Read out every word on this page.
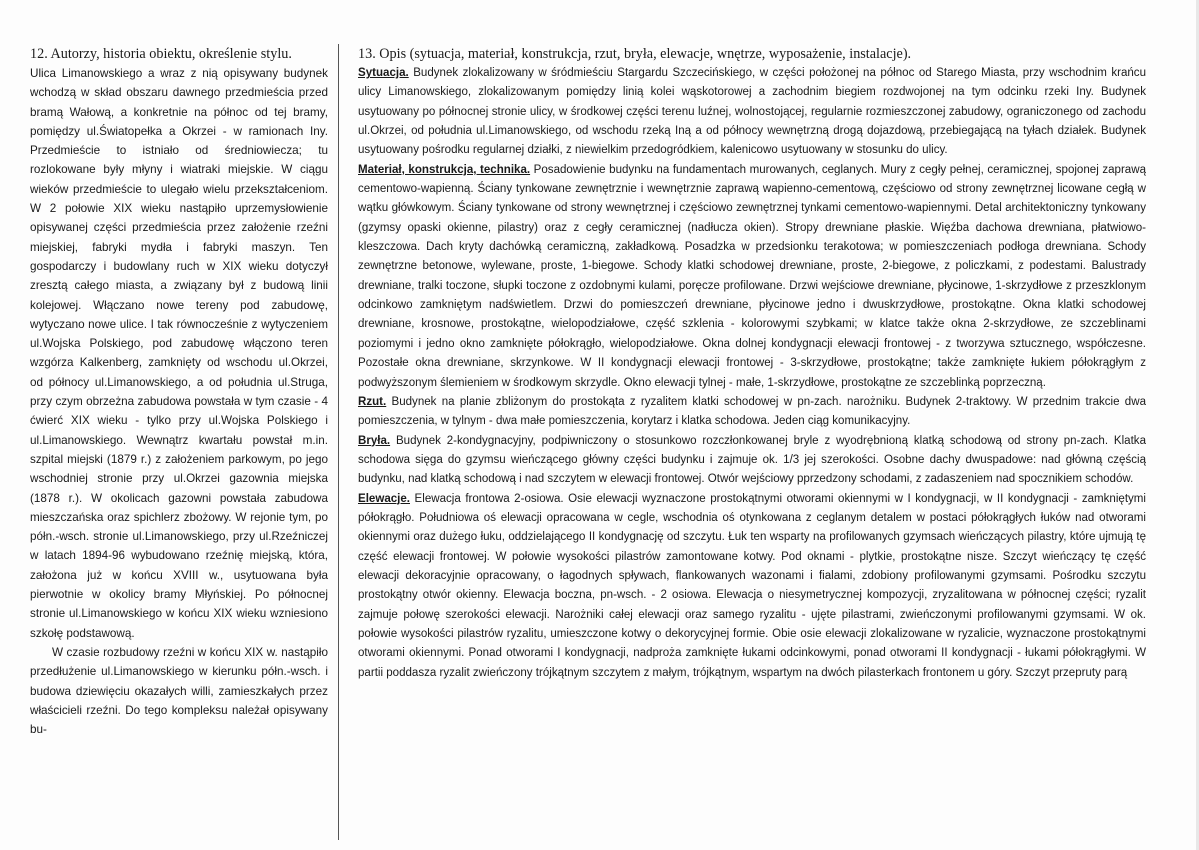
12. Autorzy, historia obiektu, określenie stylu.

Ulica Limanowskiego a wraz z nią opisywany budynek wchodzą w skład obszaru dawnego przedmieścia przed bramą Wałową, a konkretnie na północ od tej bramy, pomiędzy ul.Światopełka a Okrzei - w ramionach Iny. Przedmieście to istniało od średniowiecza; tu rozlokowane były młyny i wiatraki miejskie. W ciągu wieków przedmieście to ulegało wielu przekształceniom. W 2 połowie XIX wieku nastąpiło uprzemysłowienie opisywanej części przedmieścia przez założenie rzeźni miejskiej, fabryki mydła i fabryki maszyn. Ten gospodarczy i budowlany ruch w XIX wieku dotyczył zresztą całego miasta, a związany był z budową linii kolejowej. Włączano nowe tereny pod zabudowę, wytyczano nowe ulice. I tak równocześnie z wytyczeniem ul.Wojska Polskiego, pod zabudowę włączono teren wzgórza Kalkenberg, zamknięty od wschodu ul.Okrzei, od północy ul.Limanowskiego, a od południa ul.Struga, przy czym obrzeżna zabudowa powstała w tym czasie - 4 ćwierć XIX wieku - tylko przy ul.Wojska Polskiego i ul.Limanowskiego. Wewnątrz kwartału powstał m.in. szpital miejski (1879 r.) z założeniem parkowym, po jego wschodniej stronie przy ul.Okrzei gazownia miejska (1878 r.). W okolicach gazowni powstała zabudowa mieszczańska oraz spichlerz zbożowy. W rejonie tym, po półn.-wsch. stronie ul.Limanowskiego, przy ul.Rzeźniczej w latach 1894-96 wybudowano rzeźnię miejską, która, założona już w końcu XVIII w., usytuowana była pierwotnie w okolicy bramy Młyńskiej. Po północnej stronie ul.Limanowskiego w końcu XIX wieku wzniesiono szkołę podstawową.

W czasie rozbudowy rzeźni w końcu XIX w. nastąpiło przedłużenie ul.Limanowskiego w kierunku półn.-wsch. i budowa dziewięciu okazałych willi, zamieszkałych przez właścicieli rzeźni. Do tego kompleksu należał opisywany bu-

13. Opis (sytuacja, materiał, konstrukcja, rzut, bryła, elewacje, wnętrze, wyposażenie, instalacje).

Sytuacja. Budynek zlokalizowany w śródmieściu Stargardu Szczecińskiego, w części położonej na północ od Starego Miasta, przy wschodnim krańcu ulicy Limanowskiego, zlokalizowanym pomiędzy linią kolei wąskotorowej a zachodnim biegiem rozdwojonej na tym odcinku rzeki Iny. Budynek usytuowany po północnej stronie ulicy, w środkowej części terenu luźnej, wolnostojącej, regularnie rozmieszczonej zabudowy, ograniczonego od zachodu ul.Okrzei, od południa ul.Limanowskiego, od wschodu rzeką Iną a od północy wewnętrzną drogą dojazdową, przebiegającą na tyłach działek. Budynek usytuowany pośrodku regularnej działki, z niewielkim przedogródkiem, kalenicowo usytuowany w stosunku do ulicy.

Materiał, konstrukcja, technika. Posadowienie budynku na fundamentach murowanych, ceglanych. Mury z cegły pełnej, ceramicznej, spojonej zaprawą cementowo-wapienną. Ściany tynkowane zewnętrznie i wewnętrznie zaprawą wapienno-cementową, częściowo od strony zewnętrznej licowane cegłą w wątku główkowym. Ściany tynkowane od strony wewnętrznej i częściowo zewnętrznej tynkami cementowo-wapiennymi. Detal architektoniczny tynkowany (gzymsy opaski okienne, pilastry) oraz z cegły ceramicznej (nadłucza okien). Stropy drewniane płaskie. Więźba dachowa drewniana, płatwiowo-kleszczowa. Dach kryty dachówką ceramiczną, zakładkową. Posadzka w przedsionku terakotowa; w pomieszczeniach podłoga drewniana. Schody zewnętrzne betonowe, wylewane, proste, 1-biegowe. Schody klatki schodowej drewniane, proste, 2-biegowe, z policzkami, z podestami. Balustrady drewniane, tralki toczone, słupki toczone z ozdobnymi kulami, poręcze profilowane. Drzwi wejściowe drewniane, płycinowe, 1-skrzydłowe z przeszklonym odcinkowo zamkniętym nadświetlem. Drzwi do pomieszczeń drewniane, płycinowe jedno i dwuskrzydłowe, prostokątne. Okna klatki schodowej drewniane, krosnowe, prostokątne, wielopodziałowe, część szklenia - kolorowymi szybkami; w klatce także okna 2-skrzydłowe, ze szczeblinami poziomymi i jedno okno zamknięte półokrągło, wielopodziałowe. Okna dolnej kondygnacji elewacji frontowej - z tworzywa sztucznego, współczesne. Pozostałe okna drewniane, skrzynkowe. W II kondygnacji elewacji frontowej - 3-skrzydłowe, prostokątne; także zamknięte łukiem półokrągłym z podwyższonym ślemieniem w środkowym skrzydle. Okno elewacji tylnej - małe, 1-skrzydłowe, prostokątne ze szczeblinką poprzeczną.

Rzut. Budynek na planie zbliżonym do prostokąta z ryzalitem klatki schodowej w pn-zach. narożniku. Budynek 2-traktowy. W przednim trakcie dwa pomieszczenia, w tylnym - dwa małe pomieszczenia, korytarz i klatka schodowa. Jeden ciąg komunikacyjny.

Bryła. Budynek 2-kondygnacyjny, podpiwniczony o stosunkowo rozczłonkowanej bryle z wyodrębnioną klatką schodową od strony pn-zach. Klatka schodowa sięga do gzymsu wieńczącego główny części budynku i zajmuje ok. 1/3 jej szerokości. Osobne dachy dwuspadowe: nad główną częścią budynku, nad klatką schodową i nad szczytem w elewacji frontowej. Otwór wejściowy pprzedzony schodami, z zadaszeniem nad spocznikiem schodów.

Elewacje. Elewacja frontowa 2-osiowa. Osie elewacji wyznaczone prostokątnymi otworami okiennymi w I kondygnacji, w II kondygnacji - zamkniętymi półokrągło. Południowa oś elewacji opracowana w cegle, wschodnia oś otynkowana z ceglanym detalem w postaci półokrągłych łuków nad otworami okiennymi oraz dużego łuku, oddzielającego II kondygnację od szczytu. Łuk ten wsparty na profilowanych gzymsach wieńczących pilastry, które ujmują tę część elewacji frontowej. W połowie wysokości pilastrów zamontowane kotwy. Pod oknami - plytkie, prostokątne nisze. Szczyt wieńczący tę część elewacji dekoracyjnie opracowany, o łagodnych spływach, flankowanych wazonami i fialami, zdobiony profilowanymi gzymsami. Pośrodku szczytu prostokątny otwór okienny. Elewacja boczna, pn-wsch. - 2 osiowa. Elewacja o niesymetrycznej kompozycji, zryzalitowana w północnej części; ryzalit zajmuje połowę szerokości elewacji. Narożniki całej elewacji oraz samego ryzalitu - ujęte pilastrami, zwieńczonymi profilowanymi gzymsami. W ok. połowie wysokości pilastrów ryzalitu, umieszczone kotwy o dekorycyjnej formie. Obie osie elewacji zlokalizowane w ryzalicie, wyznaczone prostokątnymi otworami okiennymi. Ponad otworami I kondygnacji, nadproża zamknięte łukami odcinkowymi, ponad otworami II kondygnacji - łukami półokrągłymi. W partii poddasza ryzalit zwieńczony trójkątnym szczytem z małym, trójkątnym, wspartym na dwóch pilasterkach frontonem u góry. Szczyt przepruty parą
